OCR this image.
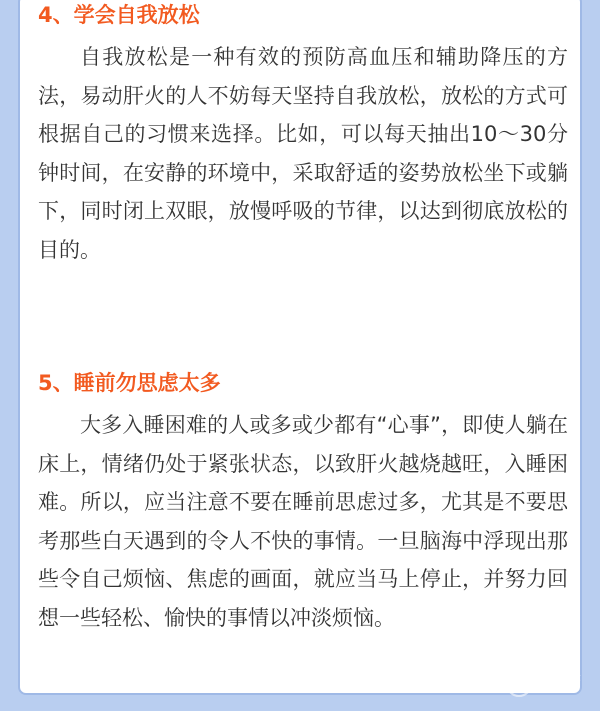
4、学会自我放松

自我放松是一种有效的预防高血压和辅助降压的方法，易动肝火的人不妨每天坚持自我放松，放松的方式可根据自己的习惯来选择。比如，可以每天抽出10～30分钟时间，在安静的环境中，采取舒适的姿势放松坐下或躺下，同时闭上双眼，放慢呼吸的节律，以达到彻底放松的目的。

5、睡前勿思虑太多

大多入睡困难的人或多或少都有“心事”，即使人躺在床上，情绪仍处于紧张状态，以致肝火越烧越旺，入睡困难。所以，应当注意不要在睡前思虑过多，尤其是不要思考那些白天遇到的令人不快的事情。一旦脑海中浮现出那些令自己烦恼、焦虑的画面，就应当马上停止，并努力回想一些轻松、愉快的事情以冲淡烦恼。

好孕帮
